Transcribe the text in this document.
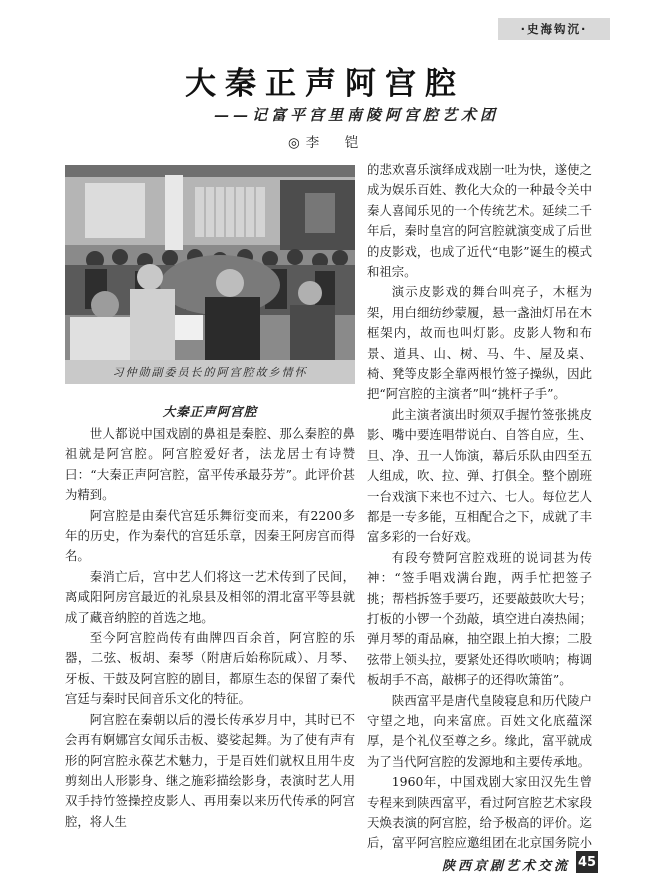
·史海钩沉·
大秦正声阿宫腔
——记富平宫里南陵阿宫腔艺术团
◎李　铠
习仲勋副委员长的阿宫腔故乡情怀
大秦正声阿宫腔

世人都说中国戏剧的鼻祖是秦腔、那么秦腔的鼻祖就是阿宫腔。阿宫腔爱好者，法龙居士有诗赞曰：“大秦正声阿宫腔，富平传承最芬芳”。此评价甚为精到。

阿宫腔是由秦代宫廷乐舞衍变而来，有2200多年的历史，作为秦代的宫廷乐章，因秦王阿房宫而得名。

秦消亡后，宫中艺人们将这一艺术传到了民间，离咸阳阿房宫最近的礼泉县及相邻的渭北富平等县就成了藏音纳腔的首选之地。

至今阿宫腔尚传有曲牌四百余首，阿宫腔的乐器，二弦、板胡、秦琴（附唐后始称阮咸）、月琴、牙板、干鼓及阿宫腔的剧目，都原生态的保留了秦代宫廷与秦时民间音乐文化的特征。

阿宫腔在秦朝以后的漫长传承岁月中，其时已不会再有婀娜宫女闻乐击板、婆娑起舞。为了使有声有形的阿宫腔永葆艺术魅力，于是百姓们就权且用牛皮剪刻出人形影身、继之施彩描绘影身，表演时艺人用双手持竹签操控皮影人、再用秦以来历代传承的阿宫腔，将人生

的悲欢喜乐演绎成戏剧一吐为快，遂使之成为娱乐百姓、教化大众的一种最令关中秦人喜闻乐见的一个传统艺术。延续二千年后，秦时皇宫的阿宫腔就演变成了后世的皮影戏，也成了近代“电影”诞生的模式和祖宗。

演示皮影戏的舞台叫亮子，木框为架，用白细纺纱蒙履，悬一盏油灯吊在木框架内，故而也叫灯影。皮影人物和布景、道具、山、树、马、牛、屋及桌、椅、凳等皮影全靠两根竹签子操纵，因此把“阿宫腔的主演者”叫“挑杆子手”。

此主演者演出时须双手握竹签张挑皮影、嘴中要连唱带说白、自答自应，生、旦、净、丑一人饰演，幕后乐队由四至五人组成，吹、拉、弹、打俱全。整个剧班一台戏演下来也不过六、七人。每位艺人都是一专多能，互相配合之下，成就了丰富多彩的一台好戏。

有段夸赞阿宫腔戏班的说词甚为传神：“签手唱戏满台跑，两手忙把签子挑；帮档拆签手要巧，还要敲鼓吹大号；打板的小锣一个劲敲，填空进白凑热闹；弹月琴的甭品麻，抽空跟上拍大擦；二股弦带上领头拉，要紧处还得吹唢呐；梅调板胡手不高，敲梆子的还得吹箫笛”。

陕西富平是唐代皇陵寝息和历代陵户守望之地，向来富庶。百姓文化底蕴深厚，是个礼仪至尊之乡。缘此，富平就成为了当代阿宫腔的发源地和主要传承地。

1960年，中国戏剧大家田汉先生曾专程来到陕西富平，看过阿宫腔艺术家段天焕表演的阿宫腔，给予极高的评价。迄后，富平阿宫腔应邀组团在北京国务院小

陕西京剧艺术交流 45
